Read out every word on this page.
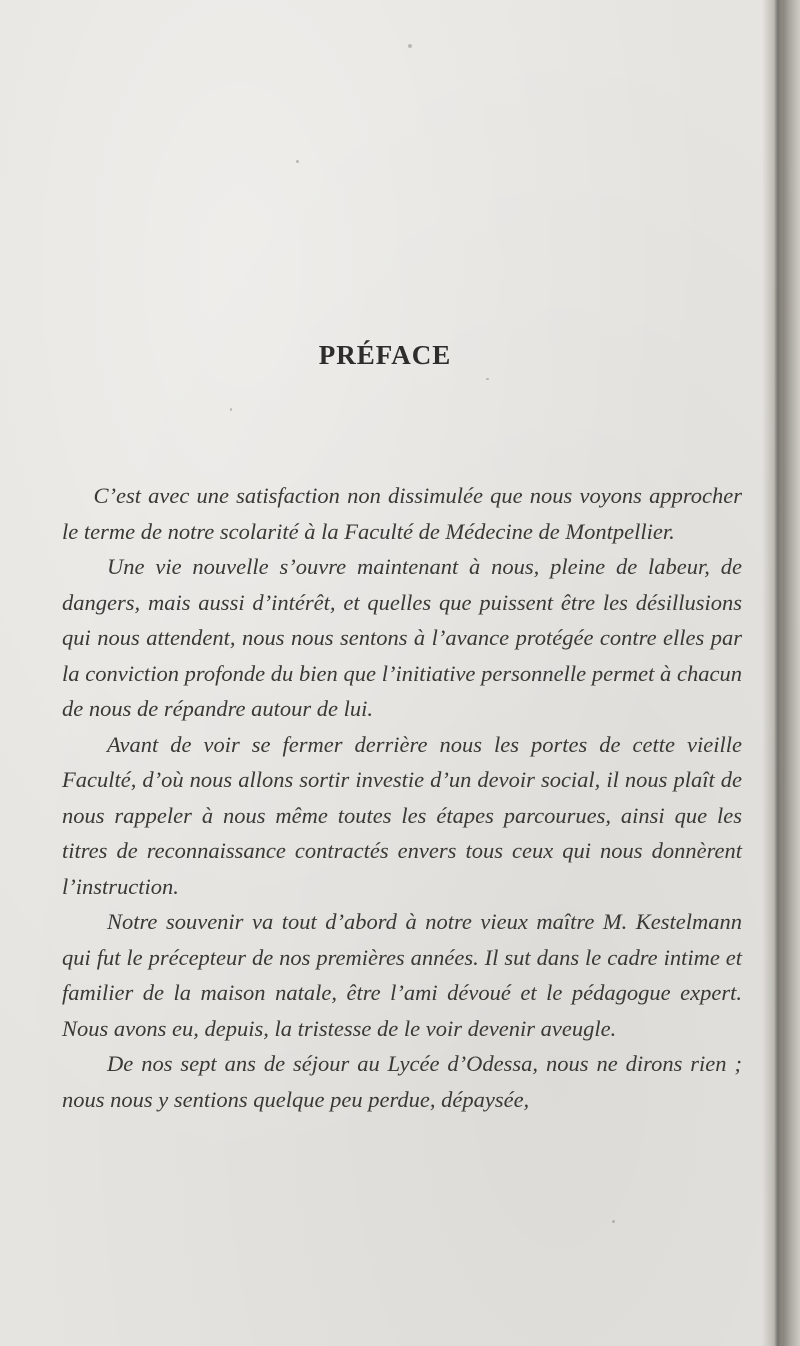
PRÉFACE

C’est avec une satisfaction non dissimulée que nous voyons approcher le terme de notre scolarité à la Faculté de Médecine de Montpellier.

Une vie nouvelle s’ouvre maintenant à nous, pleine de labeur, de dangers, mais aussi d’intérêt, et quelles que puissent être les désillusions qui nous attendent, nous nous sentons à l’avance protégée contre elles par la conviction profonde du bien que l’initiative personnelle permet à chacun de nous de répandre autour de lui.

Avant de voir se fermer derrière nous les portes de cette vieille Faculté, d’où nous allons sortir investie d’un devoir social, il nous plaît de nous rappeler à nous même toutes les étapes parcourues, ainsi que les titres de reconnaissance contractés envers tous ceux qui nous donnèrent l’instruction.

Notre souvenir va tout d’abord à notre vieux maître M. Kestelmann qui fut le précepteur de nos premières années. Il sut dans le cadre intime et familier de la maison natale, être l’ami dévoué et le pédagogue expert. Nous avons eu, depuis, la tristesse de le voir devenir aveugle.

De nos sept ans de séjour au Lycée d’Odessa, nous ne dirons rien ; nous nous y sentions quelque peu perdue, dépaysée,
